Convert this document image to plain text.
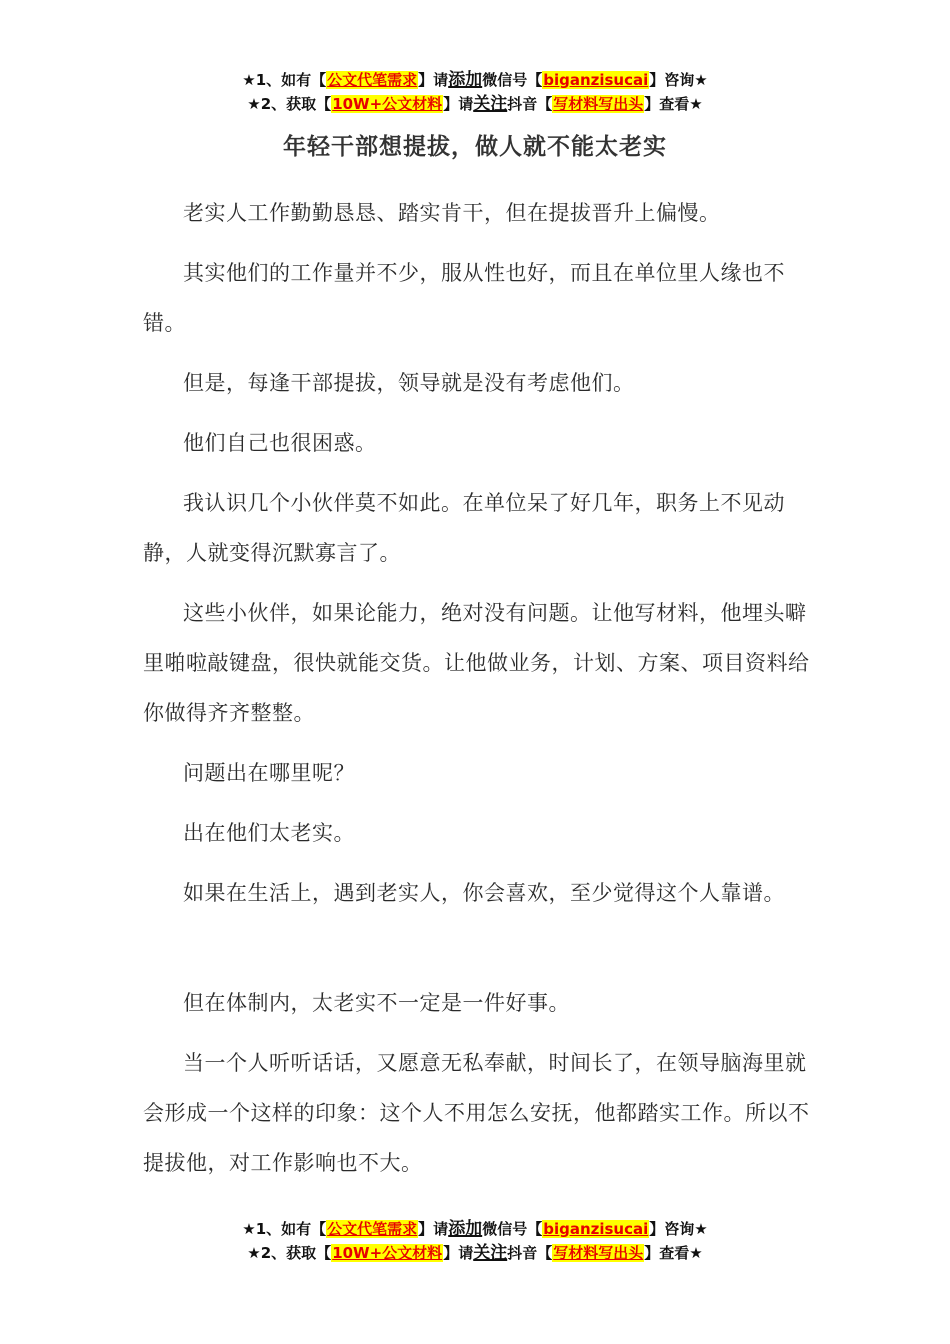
★1、如有【公文代笔需求】请添加微信号【biganzisucai】咨询★
★2、获取【10W+公文材料】请关注抖音【写材料写出头】查看★
年轻干部想提拔，做人就不能太老实

老实人工作勤勤恳恳、踏实肯干，但在提拔晋升上偏慢。

其实他们的工作量并不少，服从性也好，而且在单位里人缘也不错。

但是，每逢干部提拔，领导就是没有考虑他们。

他们自己也很困惑。

我认识几个小伙伴莫不如此。在单位呆了好几年，职务上不见动静，人就变得沉默寡言了。

这些小伙伴，如果论能力，绝对没有问题。让他写材料，他埋头噼里啪啦敲键盘，很快就能交货。让他做业务，计划、方案、项目资料给你做得齐齐整整。

问题出在哪里呢？

出在他们太老实。

如果在生活上，遇到老实人，你会喜欢，至少觉得这个人靠谱。

但在体制内，太老实不一定是一件好事。

当一个人听听话话，又愿意无私奉献，时间长了，在领导脑海里就会形成一个这样的印象：这个人不用怎么安抚，他都踏实工作。所以不提拔他，对工作影响也不大。

★1、如有【公文代笔需求】请添加微信号【biganzisucai】咨询★
★2、获取【10W+公文材料】请关注抖音【写材料写出头】查看★
